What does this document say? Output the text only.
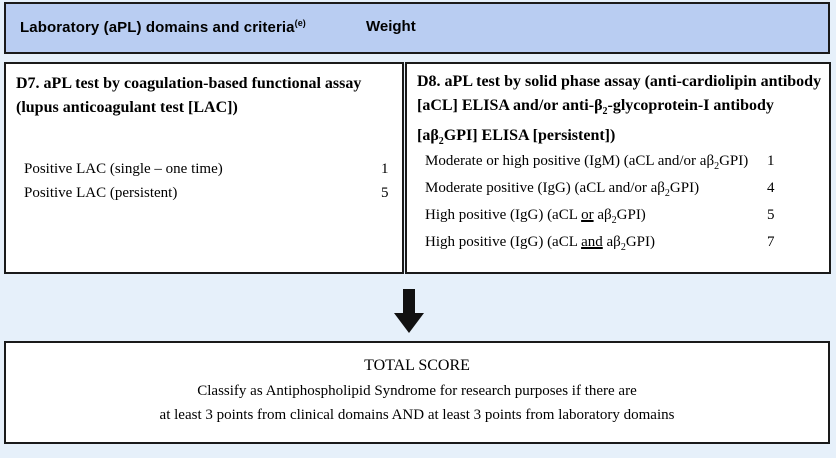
Laboratory (aPL) domains and criteria$^{(e)}$	Weight
D7. aPL test by coagulation-based functional assay (lupus anticoagulant test [LAC])
Positive LAC (single – one time)	1
Positive LAC (persistent)	5
D8. aPL test by solid phase assay (anti-cardiolipin antibody [aCL] ELISA and/or anti-$\beta_2-glycoprotein-I$ antibody $[a\beta_2GPI]$ ELISA [persistent])
Moderate or high positive (IgM) (aCL and/or $a\beta_2GPI$) 1
Moderate positive (IgG) (aCL and/or $a\beta_2GPI$)	4
High positive (IgG) (aCL or $a\beta_2GPI$)	5
High positive (IgG) (aCL and $a\beta_2GPI$)	7
TOTAL SCORE
Classify as Antiphospholipid Syndrome for research purposes if there are
at least 3 points from clinical domains AND at least 3 points from laboratory domains
